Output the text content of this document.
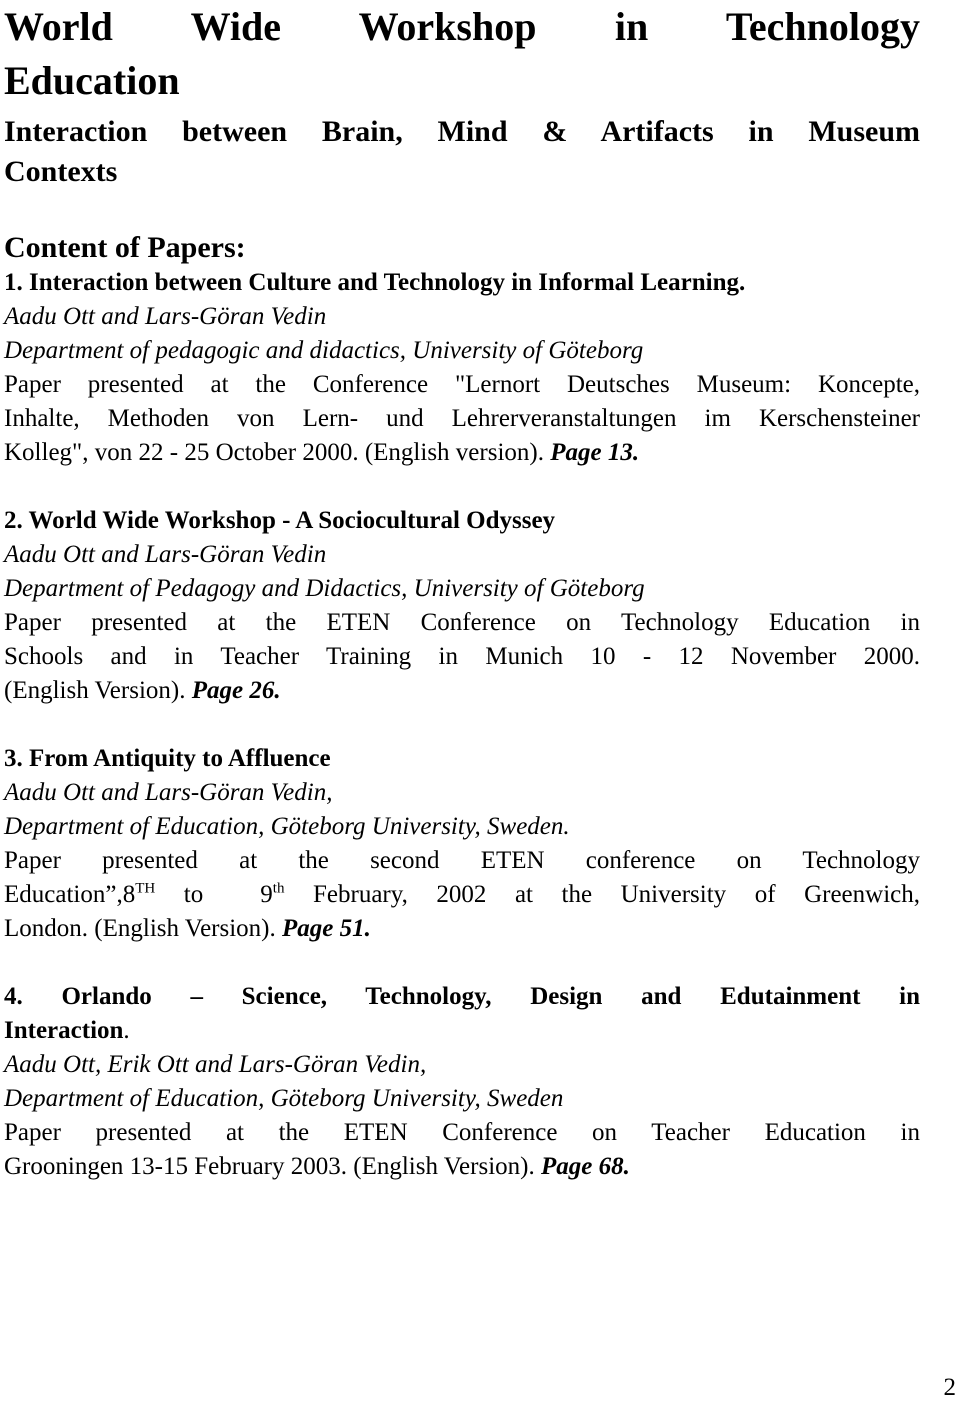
World Wide Workshop in Technology
Education
Interaction between Brain, Mind & Artifacts in Museum
Contexts
Content of Papers:
1. Interaction between Culture and Technology in Informal Learning.
Aadu Ott and Lars-Göran Vedin
Department of pedagogic and didactics, University of Göteborg
Paper presented at the Conference "Lernort Deutsches Museum: Koncepte,
Inhalte, Methoden von Lern- und Lehrerveranstaltungen im Kerschensteiner
Kolleg", von 22 - 25 October 2000. (English version). Page 13.
2. World Wide Workshop - A Sociocultural Odyssey
Aadu Ott and Lars-Göran Vedin
Department of Pedagogy and Didactics, University of Göteborg
Paper presented at the ETEN Conference on Technology Education in
Schools and in Teacher Training in Munich 10 - 12 November 2000.
(English Version). Page 26.
3. From Antiquity to Affluence
Aadu Ott and Lars-Göran Vedin,
Department of Education, Göteborg University, Sweden.
Paper presented at the second ETEN conference on Technology
Education”,8TH to  9th February, 2002 at the University of Greenwich,
London. (English Version). Page 51.
4. Orlando – Science, Technology, Design and Edutainment in
Interaction.
Aadu Ott, Erik Ott and Lars-Göran Vedin,
Department of Education, Göteborg University, Sweden
Paper presented at the ETEN Conference on Teacher Education in
Grooningen 13-15 February 2003. (English Version). Page 68.
2
